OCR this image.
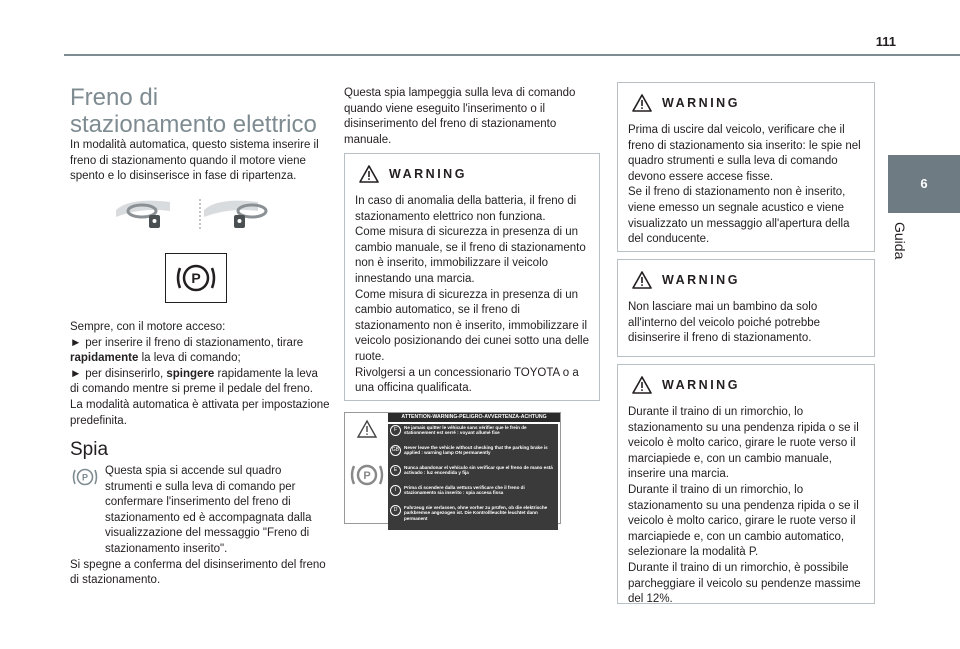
111
6
Guida
Freno di stazionamento elettrico
In modalità automatica, questo sistema inserire il freno di stazionamento quando il motore viene spento e lo disinserisce in fase di ripartenza.
P
Sempre, con il motore acceso:
► per inserire il freno di stazionamento, tirare rapidamente la leva di comando;
► per disinserirlo, spingere rapidamente la leva di comando mentre si preme il pedale del freno.
La modalità automatica è attivata per impostazione predefinita.
Spia
P
Questa spia si accende sul quadro strumenti e sulla leva di comando per confermare l'inserimento del freno di stazionamento ed è accompagnata dalla visualizzazione del messaggio "Freno di stazionamento inserito".
Si spegne a conferma del disinserimento del freno di stazionamento.
Questa spia lampeggia sulla leva di comando quando viene eseguito l'inserimento o il disinserimento del freno di stazionamento manuale.
WARNING
In caso di anomalia della batteria, il freno di stazionamento elettrico non funziona.
Come misura di sicurezza in presenza di un cambio manuale, se il freno di stazionamento non è inserito, immobilizzare il veicolo innestando una marcia.
Come misura di sicurezza in presenza di un cambio automatico, se il freno di stazionamento non è inserito, immobilizzare il veicolo posizionando dei cunei sotto una delle ruote.
Rivolgersi a un concessionario TOYOTA o a una officina qualificata.
ATTENTION-WARNING-PELIGRO-AVVERTENZA-ACHTUNG
P
F	Ne jamais quitter le véhicule sans vérifier que le frein de stationnement est serré : voyant allumé fixe
GB	Never leave the vehicle without checking that the parking brake is applied : warning lamp ON permanently
E	Nunca abandonar el vehículo sin verificar que el freno de mano está activado : luz encendida y fija
I	Prima di scendere dalla vettura verificare che il freno di stazionamento sia inserito : spia accesa fissa
D	Fahrzeug nie verlassen, ohne vorher zu prüfen, ob die elektrische parkbremse angezogen ist. Die Kontrollleuchte leuchtet dann permanent
WARNING
Prima di uscire dal veicolo, verificare che il freno di stazionamento sia inserito: le spie nel quadro strumenti e sulla leva di comando devono essere accese fisse.
Se il freno di stazionamento non è inserito, viene emesso un segnale acustico e viene visualizzato un messaggio all'apertura della del conducente.
WARNING
Non lasciare mai un bambino da solo all'interno del veicolo poiché potrebbe disinserire il freno di stazionamento.
WARNING
Durante il traino di un rimorchio, lo stazionamento su una pendenza ripida o se il veicolo è molto carico, girare le ruote verso il marciapiede e, con un cambio manuale, inserire una marcia.
Durante il traino di un rimorchio, lo stazionamento su una pendenza ripida o se il veicolo è molto carico, girare le ruote verso il marciapiede e, con un cambio automatico, selezionare la modalità P.
Durante il traino di un rimorchio, è possibile parcheggiare il veicolo su pendenze massime del 12%.
